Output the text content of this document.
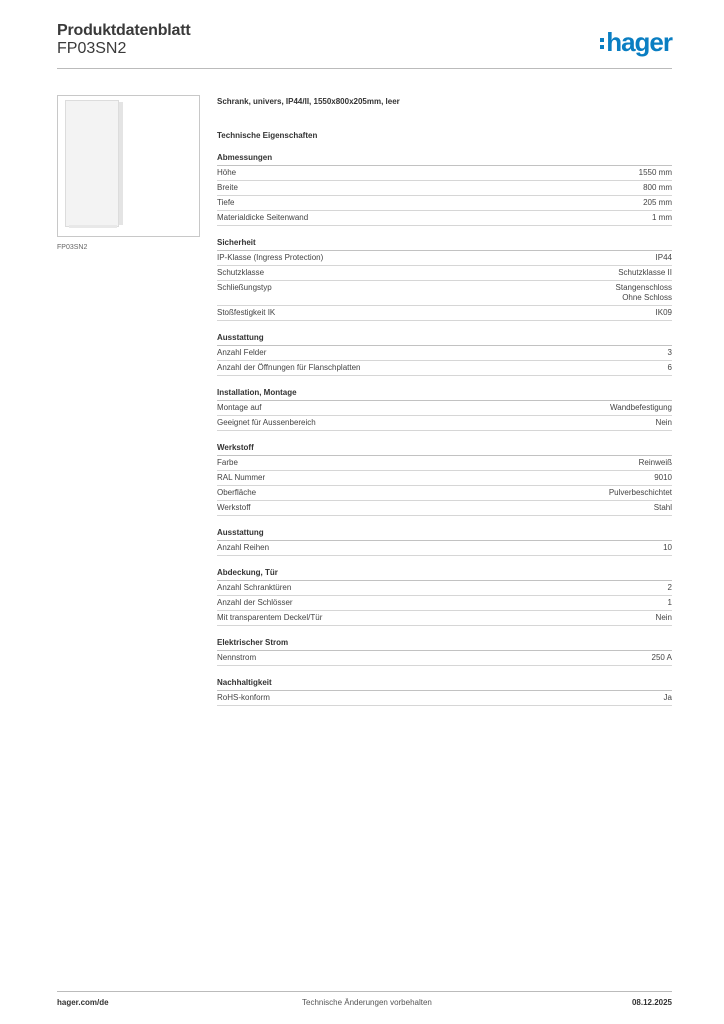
Produktdatenblatt
FP03SN2	hager
FP03SN2
Schrank, univers, IP44/II, 1550x800x205mm, leer
Technische Eigenschaften
Abmessungen
Höhe	1550 mm
Breite	800 mm
Tiefe	205 mm
Materialdicke Seitenwand	1 mm
Sicherheit
IP-Klasse (Ingress Protection)	IP44
Schutzklasse	Schutzklasse II
Schließungstyp	Stangenschloss
Ohne Schloss
Stoßfestigkeit IK	IK09
Ausstattung
Anzahl Felder	3
Anzahl der Öffnungen für Flanschplatten	6
Installation, Montage
Montage auf	Wandbefestigung
Geeignet für Aussenbereich	Nein
Werkstoff
Farbe	Reinweiß
RAL Nummer	9010
Oberfläche	Pulverbeschichtet
Werkstoff	Stahl
Ausstattung
Anzahl Reihen	10
Abdeckung, Tür
Anzahl Schranktüren	2
Anzahl der Schlösser	1
Mit transparentem Deckel/Tür	Nein
Elektrischer Strom
Nennstrom	250 A
Nachhaltigkeit
RoHS-konform	Ja
hager.com/de	Technische Änderungen vorbehalten	08.12.2025
